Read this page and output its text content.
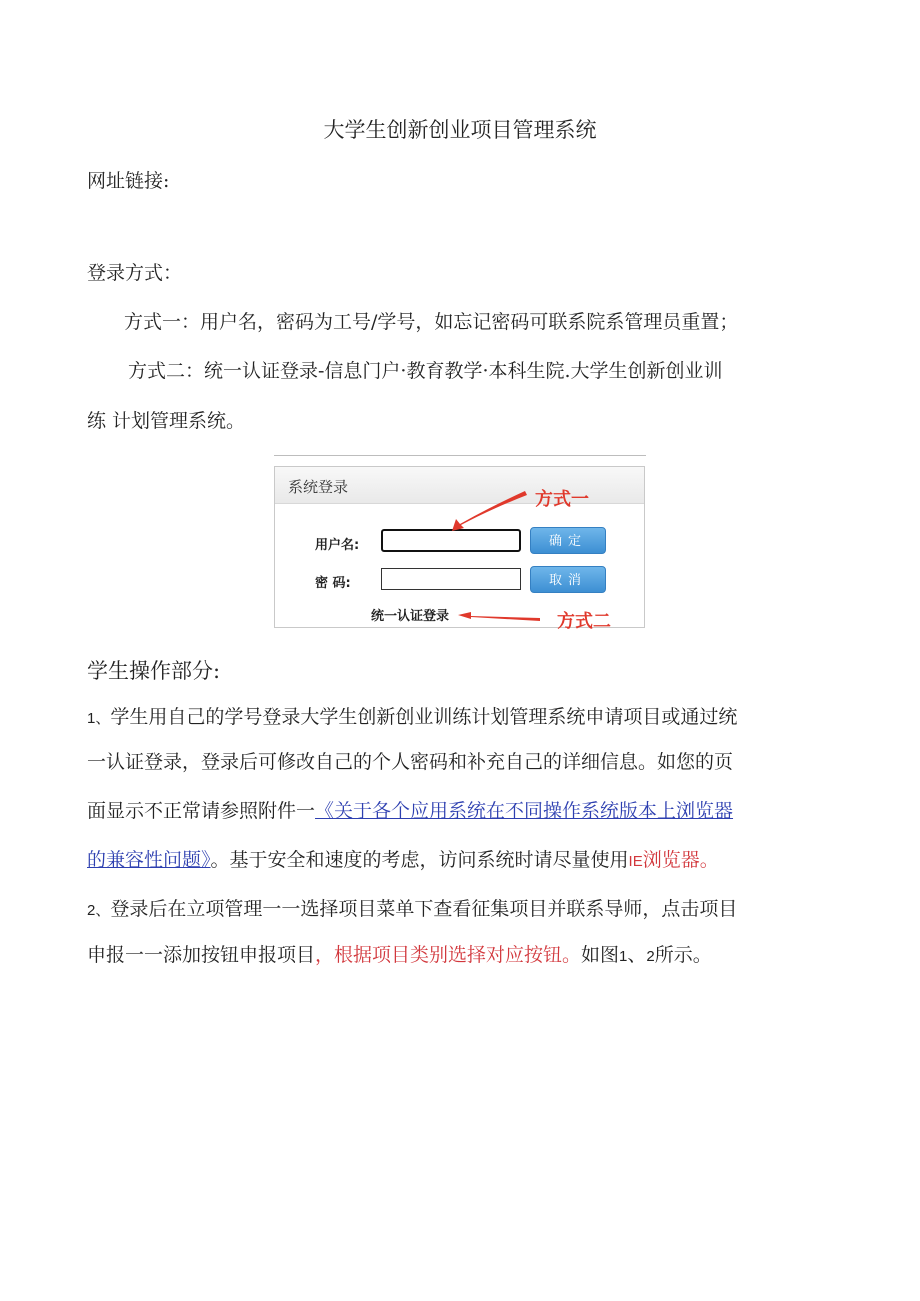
大学生创新创业项目管理系统
网址链接:
登录方式：
方式一：用户名，密码为工号/学号，如忘记密码可联系院系管理员重置；
方式二：统一认证登录-信息门户·教育教学·本科生院.大学生创新创业训
练 计划管理系统。
系统登录
用户名:	确定
密 码:	取消
统一认证登录
方式一
方式二
学生操作部分:
1、学生用自己的学号登录大学生创新创业训练计划管理系统申请项目或通过统
一认证登录，登录后可修改自己的个人密码和补充自己的详细信息。如您的页
面显示不正常请参照附件一《关于各个应用系统在不同操作系统版本上浏览器
的兼容性问题》。基于安全和速度的考虑，访问系统时请尽量使用IE浏览器。
2、登录后在立项管理一一选择项目菜单下查看征集项目并联系导师，点击项目
申报一一添加按钮申报项目，根据项目类别选择对应按钮。如图1、2所示。
